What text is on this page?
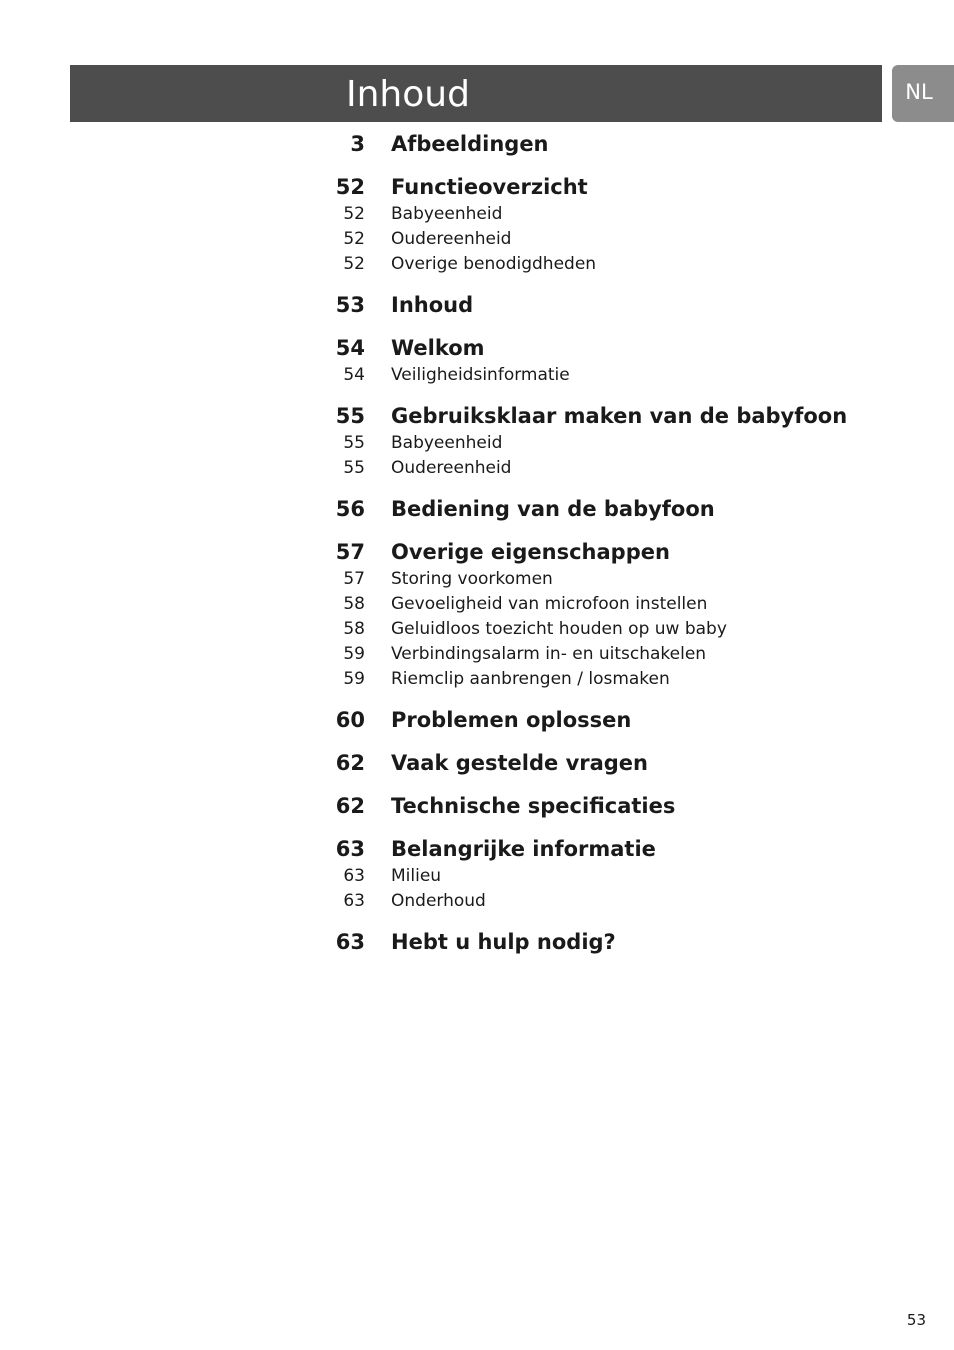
Inhoud	NL
3	Afbeeldingen
52	Functieoverzicht
52	Babyeenheid
52	Oudereenheid
52	Overige benodigdheden
53	Inhoud
54	Welkom
54	Veiligheidsinformatie
55	Gebruiksklaar maken van de babyfoon
55	Babyeenheid
55	Oudereenheid
56	Bediening van de babyfoon
57	Overige eigenschappen
57	Storing voorkomen
58	Gevoeligheid van microfoon instellen
58	Geluidloos toezicht houden op uw baby
59	Verbindingsalarm in- en uitschakelen
59	Riemclip aanbrengen / losmaken
60	Problemen oplossen
62	Vaak gestelde vragen
62	Technische specificaties
63	Belangrijke informatie
63	Milieu
63	Onderhoud
63	Hebt u hulp nodig?
53
